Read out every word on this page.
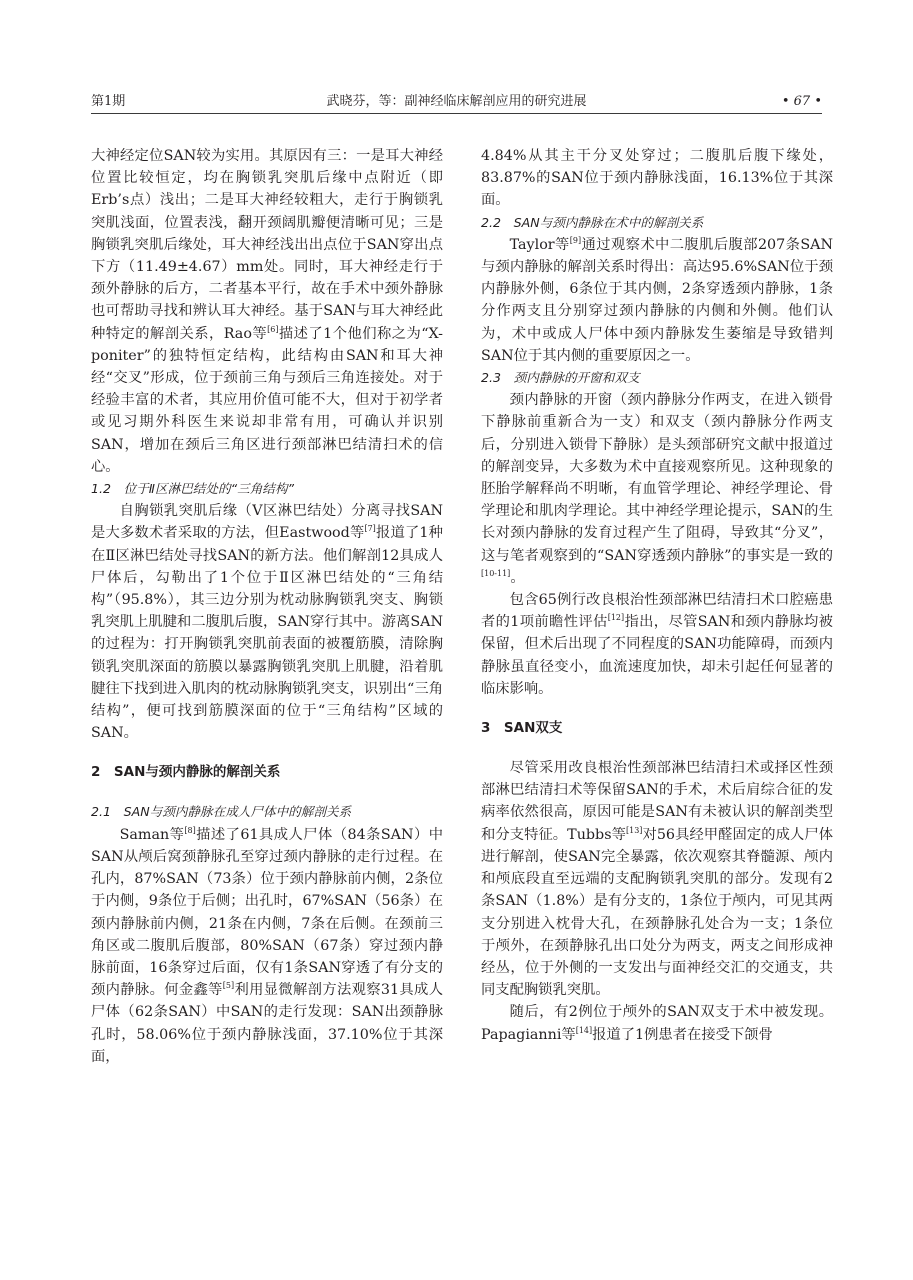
第1期	武晓芬，等：副神经临床解剖应用的研究进展	• 67 •

大神经定位SAN较为实用。其原因有三：一是耳大神经位置比较恒定，均在胸锁乳突肌后缘中点附近（即Erb’s点）浅出；二是耳大神经较粗大，走行于胸锁乳突肌浅面，位置表浅，翻开颈阔肌瓣便清晰可见；三是胸锁乳突肌后缘处，耳大神经浅出出点位于SAN穿出点下方（11.49±4.67）mm处。同时，耳大神经走行于颈外静脉的后方，二者基本平行，故在手术中颈外静脉也可帮助寻找和辨认耳大神经。基于SAN与耳大神经此种特定的解剖关系，Rao等[6]描述了1个他们称之为“X-poniter”的独特恒定结构，此结构由SAN和耳大神经“交叉”形成，位于颈前三角与颈后三角连接处。对于经验丰富的术者，其应用价值可能不大，但对于初学者或见习期外科医生来说却非常有用，可确认并识别SAN，增加在颈后三角区进行颈部淋巴结清扫术的信心。

1.2　位于Ⅱ区淋巴结处的“三角结构”

自胸锁乳突肌后缘（Ⅴ区淋巴结处）分离寻找SAN是大多数术者采取的方法，但Eastwood等[7]报道了1种在Ⅱ区淋巴结处寻找SAN的新方法。他们解剖12具成人尸体后，勾勒出了1个位于Ⅱ区淋巴结处的“三角结构”（95.8%），其三边分别为枕动脉胸锁乳突支、胸锁乳突肌上肌腱和二腹肌后腹，SAN穿行其中。游离SAN的过程为：打开胸锁乳突肌前表面的被覆筋膜，清除胸锁乳突肌深面的筋膜以暴露胸锁乳突肌上肌腱，沿着肌腱往下找到进入肌肉的枕动脉胸锁乳突支，识别出“三角结构”，便可找到筋膜深面的位于“三角结构”区域的SAN。

2　SAN与颈内静脉的解剖关系
2.1　SAN与颈内静脉在成人尸体中的解剖关系

Saman等[8]描述了61具成人尸体（84条SAN）中SAN从颅后窝颈静脉孔至穿过颈内静脉的走行过程。在孔内，87%SAN（73条）位于颈内静脉前内侧，2条位于内侧，9条位于后侧；出孔时，67%SAN（56条）在颈内静脉前内侧，21条在内侧，7条在后侧。在颈前三角区或二腹肌后腹部，80%SAN（67条）穿过颈内静脉前面，16条穿过后面，仅有1条SAN穿透了有分支的颈内静脉。何金鑫等[5]利用显微解剖方法观察31具成人尸体（62条SAN）中SAN的走行发现：SAN出颈静脉孔时，58.06%位于颈内静脉浅面，37.10%位于其深面，

4.84%从其主干分叉处穿过；二腹肌后腹下缘处，83.87%的SAN位于颈内静脉浅面，16.13%位于其深面。

2.2　SAN与颈内静脉在术中的解剖关系

Taylor等[9]通过观察术中二腹肌后腹部207条SAN与颈内静脉的解剖关系时得出：高达95.6%SAN位于颈内静脉外侧，6条位于其内侧，2条穿透颈内静脉，1条分作两支且分别穿过颈内静脉的内侧和外侧。他们认为，术中或成人尸体中颈内静脉发生萎缩是导致错判SAN位于其内侧的重要原因之一。

2.3　颈内静脉的开窗和双支

颈内静脉的开窗（颈内静脉分作两支，在进入锁骨下静脉前重新合为一支）和双支（颈内静脉分作两支后，分别进入锁骨下静脉）是头颈部研究文献中报道过的解剖变异，大多数为术中直接观察所见。这种现象的胚胎学解释尚不明晰，有血管学理论、神经学理论、骨学理论和肌肉学理论。其中神经学理论提示，SAN的生长对颈内静脉的发育过程产生了阻碍，导致其“分叉”，这与笔者观察到的“SAN穿透颈内静脉”的事实是一致的[10-11]。

包含65例行改良根治性颈部淋巴结清扫术口腔癌患者的1项前瞻性评估[12]指出，尽管SAN和颈内静脉均被保留，但术后出现了不同程度的SAN功能障碍，而颈内静脉虽直径变小，血流速度加快，却未引起任何显著的临床影响。

3　SAN双支

尽管采用改良根治性颈部淋巴结清扫术或择区性颈部淋巴结清扫术等保留SAN的手术，术后肩综合征的发病率依然很高，原因可能是SAN有未被认识的解剖类型和分支特征。Tubbs等[13]对56具经甲醛固定的成人尸体进行解剖，使SAN完全暴露，依次观察其脊髓源、颅内和颅底段直至远端的支配胸锁乳突肌的部分。发现有2条SAN（1.8%）是有分支的，1条位于颅内，可见其两支分别进入枕骨大孔，在颈静脉孔处合为一支；1条位于颅外，在颈静脉孔出口处分为两支，两支之间形成神经丛，位于外侧的一支发出与面神经交汇的交通支，共同支配胸锁乳突肌。

随后，有2例位于颅外的SAN双支于术中被发现。Papagianni等[14]报道了1例患者在接受下颌骨
